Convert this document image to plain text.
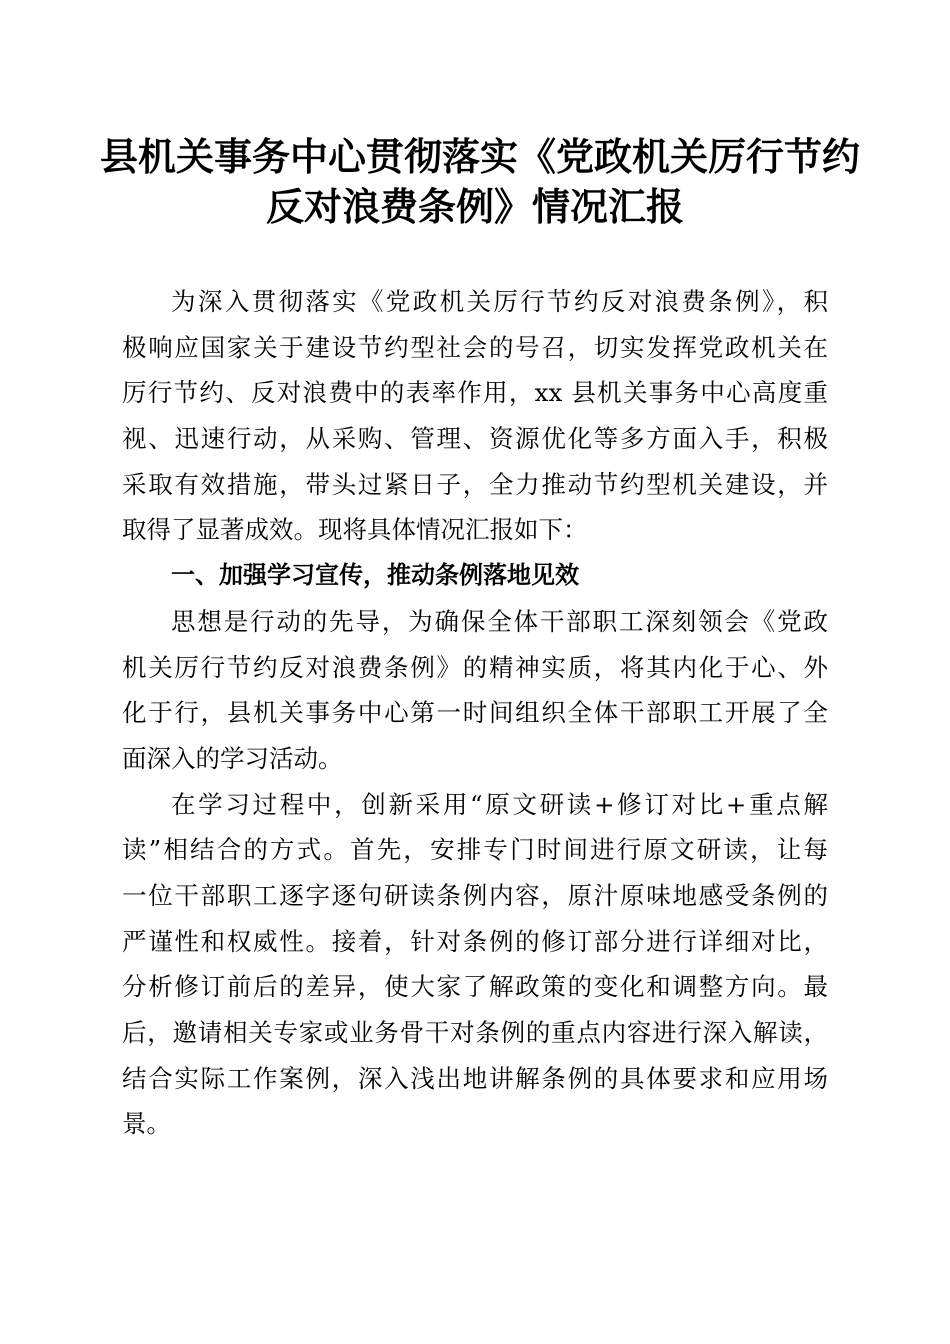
县机关事务中心贯彻落实《党政机关厉行节约
反对浪费条例》情况汇报
为深入贯彻落实《党政机关厉行节约反对浪费条例》，积
极响应国家关于建设节约型社会的号召，切实发挥党政机关在
厉行节约、反对浪费中的表率作用，xx 县机关事务中心高度重
视、迅速行动，从采购、管理、资源优化等多方面入手，积极
采取有效措施，带头过紧日子，全力推动节约型机关建设，并
取得了显著成效。现将具体情况汇报如下：
一、加强学习宣传，推动条例落地见效
思想是行动的先导，为确保全体干部职工深刻领会《党政
机关厉行节约反对浪费条例》的精神实质，将其内化于心、外
化于行，县机关事务中心第一时间组织全体干部职工开展了全
面深入的学习活动。
在学习过程中，创新采用“原文研读+修订对比+重点解
读”相结合的方式。首先，安排专门时间进行原文研读，让每
一位干部职工逐字逐句研读条例内容，原汁原味地感受条例的
严谨性和权威性。接着，针对条例的修订部分进行详细对比，
分析修订前后的差异，使大家了解政策的变化和调整方向。最
后，邀请相关专家或业务骨干对条例的重点内容进行深入解读，
结合实际工作案例，深入浅出地讲解条例的具体要求和应用场
景。
